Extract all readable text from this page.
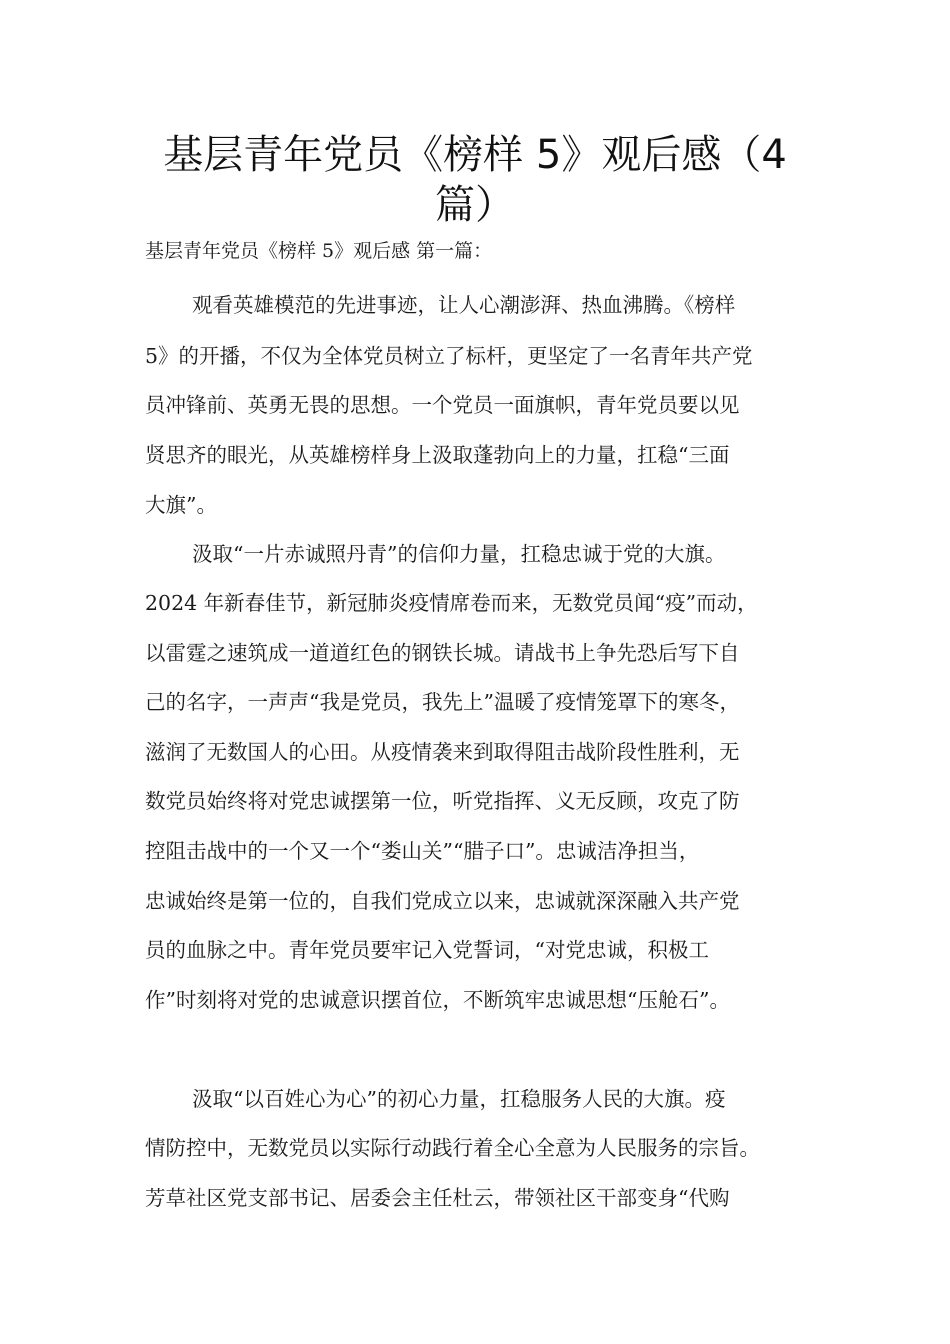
基层青年党员《榜样 5》观后感（4 篇）

基层青年党员《榜样 5》观后感 第一篇：

观看英雄模范的先进事迹，让人心潮澎湃、热血沸腾。《榜样

5》的开播，不仅为全体党员树立了标杆，更坚定了一名青年共产党

员冲锋前、英勇无畏的思想。一个党员一面旗帜，青年党员要以见

贤思齐的眼光，从英雄榜样身上汲取蓬勃向上的力量，扛稳“三面

大旗”。

汲取“一片赤诚照丹青”的信仰力量，扛稳忠诚于党的大旗。

2024 年新春佳节，新冠肺炎疫情席卷而来，无数党员闻“疫”而动，

以雷霆之速筑成一道道红色的钢铁长城。请战书上争先恐后写下自

己的名字，一声声“我是党员，我先上”温暖了疫情笼罩下的寒冬，

滋润了无数国人的心田。从疫情袭来到取得阻击战阶段性胜利，无

数党员始终将对党忠诚摆第一位，听党指挥、义无反顾，攻克了防

控阻击战中的一个又一个“娄山关”“腊子口”。忠诚洁净担当，

忠诚始终是第一位的，自我们党成立以来，忠诚就深深融入共产党

员的血脉之中。青年党员要牢记入党誓词，“对党忠诚，积极工

作”时刻将对党的忠诚意识摆首位，不断筑牢忠诚思想“压舱石”。

汲取“以百姓心为心”的初心力量，扛稳服务人民的大旗。疫

情防控中，无数党员以实际行动践行着全心全意为人民服务的宗旨。

芳草社区党支部书记、居委会主任杜云，带领社区干部变身“代购
